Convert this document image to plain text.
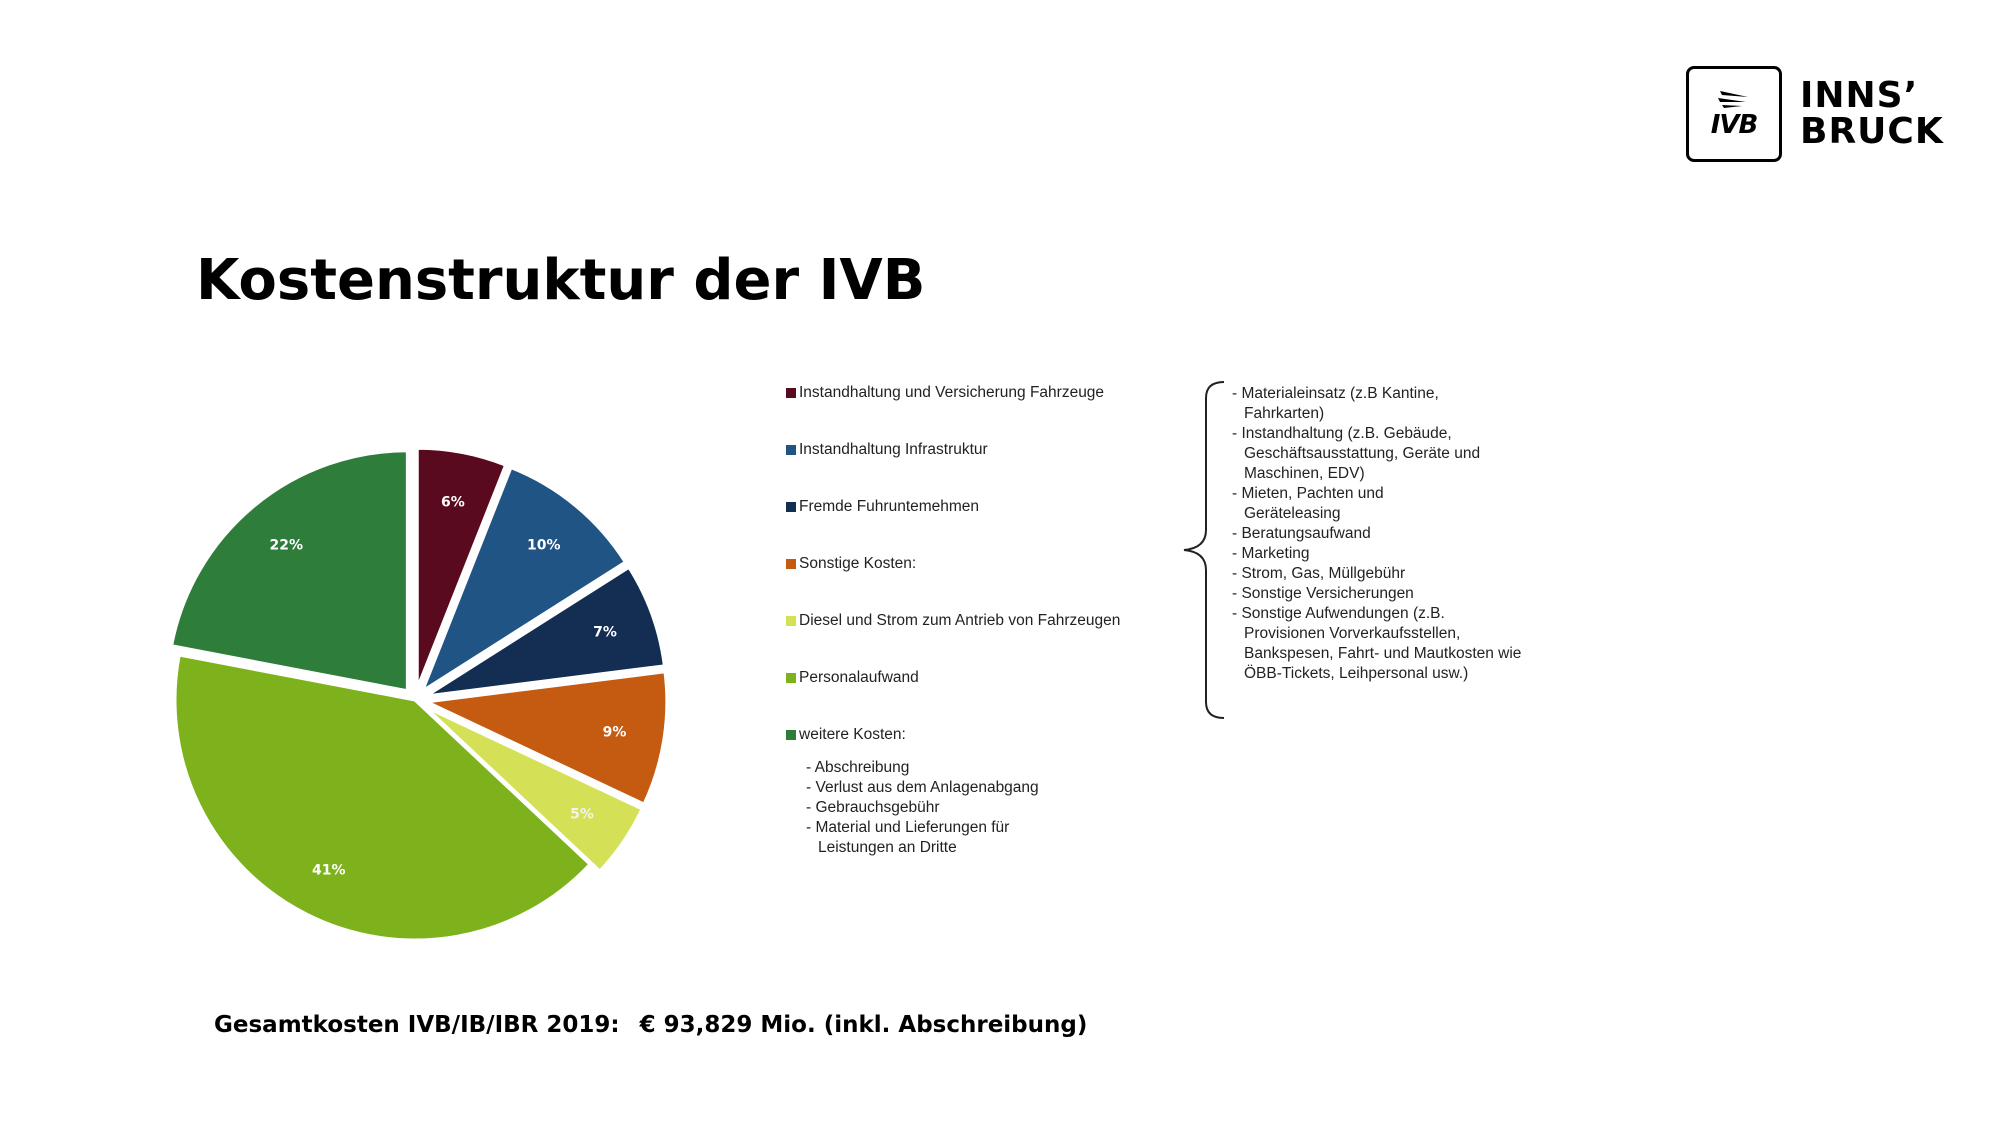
IVB
INNS’
BRUCK
Kostenstruktur der IVB
6%
10%
7%
9%
5%
41%
22%
Instandhaltung und Versicherung Fahrzeuge
Instandhaltung Infrastruktur
Fremde Fuhruntemehmen
Sonstige Kosten:
Diesel und Strom zum Antrieb von Fahrzeugen
Personalaufwand
weitere Kosten:
- Abschreibung
- Verlust aus dem Anlagenabgang
- Gebrauchsgebühr
- Material und Lieferungen für Leistungen an Dritte
- Materialeinsatz (z.B Kantine, Fahrkarten)
- Instandhaltung (z.B. Gebäude, Geschäftsausstattung, Geräte und Maschinen, EDV)
- Mieten, Pachten und Geräteleasing
- Beratungsaufwand
- Marketing
- Strom, Gas, Müllgebühr
- Sonstige Versicherungen
- Sonstige Aufwendungen (z.B. Provisionen Vorverkaufsstellen, Bankspesen, Fahrt- und Mautkosten wie ÖBB-Tickets, Leihpersonal usw.)
Gesamtkosten IVB/IB/IBR 2019: € 93,829 Mio. (inkl. Abschreibung)
